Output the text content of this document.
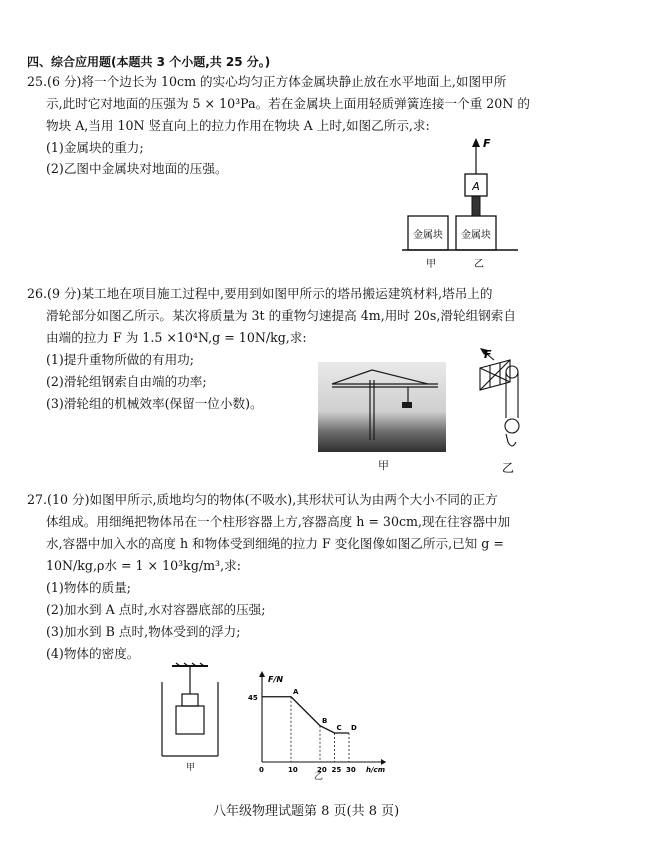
四、综合应用题(本题共 3 个小题,共 25 分。)
25.(6 分)将一个边长为 10cm 的实心均匀正方体金属块静止放在水平地面上,如图甲所
示,此时它对地面的压强为 5 × 10³Pa。若在金属块上面用轻质弹簧连接一个重 20N 的
物块 A,当用 10N 竖直向上的拉力作用在物块 A 上时,如图乙所示,求:
(1)金属块的重力;
(2)乙图中金属块对地面的压强。
金属块 金属块
A
F
甲	乙
26.(9 分)某工地在项目施工过程中,要用到如图甲所示的塔吊搬运建筑材料,塔吊上的
滑轮部分如图乙所示。某次将质量为 3t 的重物匀速提高 4m,用时 20s,滑轮组钢索自
由端的拉力 F 为 1.5 ×10⁴N,g = 10N/kg,求:
(1)提升重物所做的有用功;
(2)滑轮组钢索自由端的功率;
(3)滑轮组的机械效率(保留一位小数)。
甲
F
乙
27.(10 分)如图甲所示,质地均匀的物体(不吸水),其形状可认为由两个大小不同的正方
体组成。用细绳把物体吊在一个柱形容器上方,容器高度 h = 30cm,现在往容器中加
水,容器中加入水的高度 h 和物体受到细绳的拉力 F 变化图像如图乙所示,已知 g =
10N/kg,ρ水 = 1 × 10³kg/m³,求:
(1)物体的质量;
(2)加水到 A 点时,水对容器底部的压强;
(3)加水到 B 点时,物体受到的浮力;
(4)物体的密度。
甲
F/N
h/cm
0	10	20 25 30
45
A
B
C D
乙
八年级物理试题第 8 页(共 8 页)
